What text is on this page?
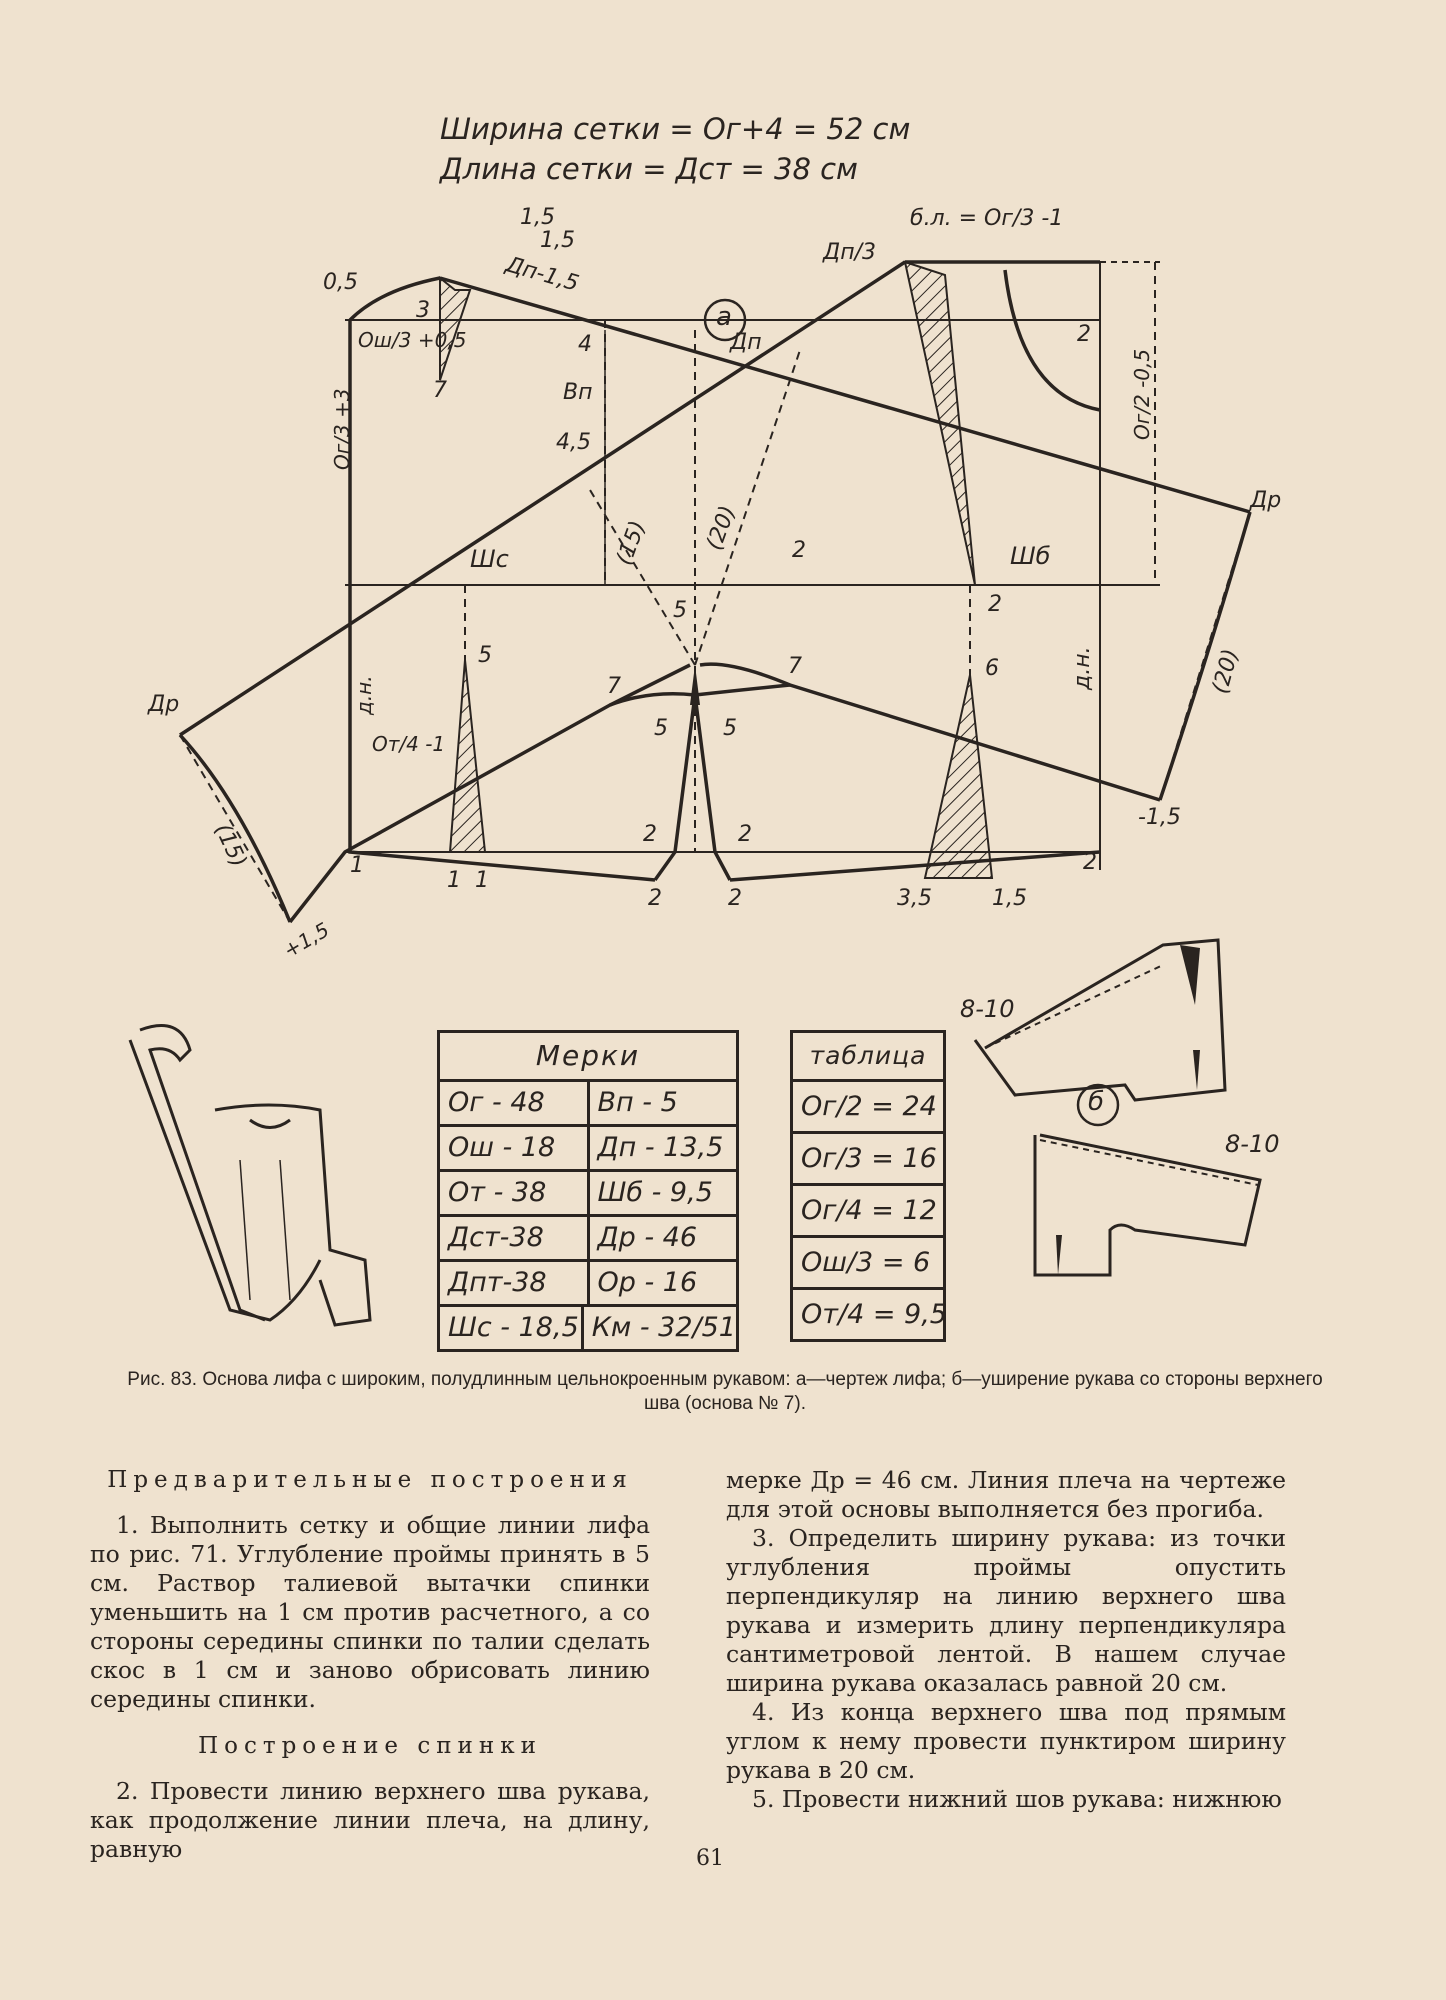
Ширина сетки = Ог+4 = 52 см
Длина сетки = Дст = 38 см
а
б
б.л. = Ог/3 -1
0,5
1,5
1,5
3
Дп-1,5
Ош/3 +0,5
7
4
Вп
4,5
Ог/3 +3
Дп/3
Дп	2
Ог/2 -0,5
Др
Др
(15) (20)
Шс	Шб
2
2
5
5
7
7
5	5
6
д.н.
д.н.
От/4 -1
(20)
(15)
-1,5
+1,5
1
1 1
2	2
2
2	2	3,5	1,5
8-10
8-10
Мерки
Ог - 48	Вп - 5
Ош - 18	Дп - 13,5
От - 38	Шб - 9,5
Дст-38	Др - 46
Дпт-38	Ор - 16
Шс - 18,5 Км - 32/51
таблица
Ог/2 = 24
Ог/3 = 16
Ог/4 = 12
Ош/3 = 6
От/4 = 9,5
Рис. 83. Основа лифа с широким, полудлинным цельнокроенным рукавом: а—чертеж лифа; б—уширение рукава со стороны верхнего шва (основа № 7).
Предварительные построения

1. Выполнить сетку и общие линии лифа по рис. 71. Углубление проймы принять в 5 см. Раствор талиевой вытачки спинки уменьшить на 1 см против расчетного, а со стороны середины спинки по талии сделать скос в 1 см и заново обрисовать линию середины спинки.

Построение спинки

2. Провести линию верхнего шва рукава, как продолжение линии плеча, на длину, равную

мерке Др = 46 см. Линия плеча на чертеже для этой основы выполняется без прогиба.

3. Определить ширину рукава: из точки углубления проймы опустить перпендикуляр на линию верхнего шва рукава и измерить длину перпендикуляра сантиметровой лентой. В нашем случае ширина рукава оказалась равной 20 см.

4. Из конца верхнего шва под прямым углом к нему провести пунктиром ширину рукава в 20 см.

5. Провести нижний шов рукава: нижнюю

61
